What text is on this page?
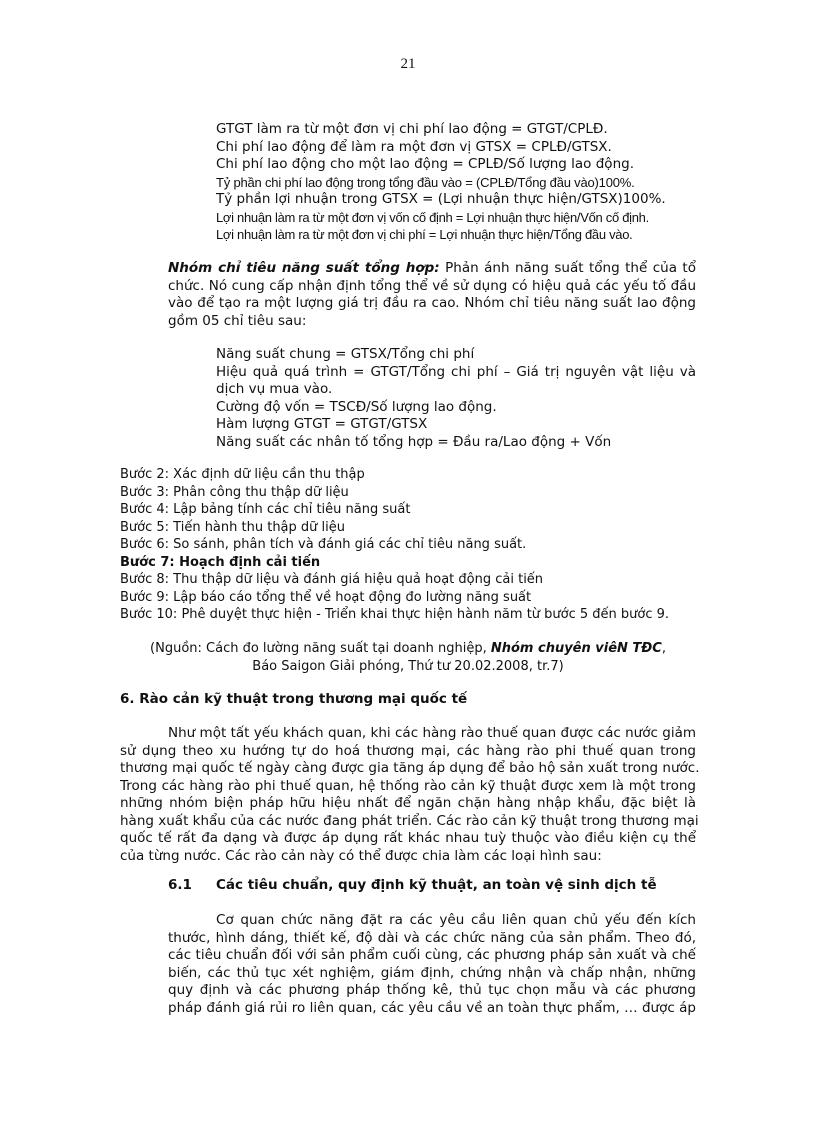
21
GTGT làm ra từ một đơn vị chi phí lao động = GTGT/CPLĐ.
Chi phí lao động để làm ra một đơn vị GTSX = CPLĐ/GTSX.
Chi phí lao động cho một lao động = CPLĐ/Số lượng lao động.
Tỷ phần chi phí lao động trong tổng đầu vào = (CPLĐ/Tổng đầu vào)100%.
Tỷ phần lợi nhuận trong GTSX = (Lợi nhuận thực hiện/GTSX)100%.
Lợi nhuận làm ra từ một đơn vị vốn cố định = Lợi nhuận thực hiện/Vốn cố định.
Lợi nhuận làm ra từ một đơn vị chi phí = Lợi nhuận thực hiện/Tổng đầu vào.
Nhóm chỉ tiêu năng suất tổng hợp: Phản ánh năng suất tổng thể của tổ
chức. Nó cung cấp nhận định tổng thể về sử dụng có hiệu quả các yếu tố đầu
vào để tạo ra một lượng giá trị đầu ra cao. Nhóm chỉ tiêu năng suất lao động
gồm 05 chỉ tiêu sau:
Năng suất chung = GTSX/Tổng chi phí
Hiệu quả quá trình = GTGT/Tổng chi phí – Giá trị nguyên vật liệu và
dịch vụ mua vào.
Cường độ vốn = TSCĐ/Số lượng lao động.
Hàm lượng GTGT = GTGT/GTSX
Năng suất các nhân tố tổng hợp = Đầu ra/Lao động + Vốn
Bước 2: Xác định dữ liệu cần thu thập
Bước 3: Phân công thu thập dữ liệu
Bước 4: Lập bảng tính các chỉ tiêu năng suất
Bước 5: Tiến hành thu thập dữ liệu
Bước 6: So sánh, phân tích và đánh giá các chỉ tiêu năng suất.
Bước 7: Hoạch định cải tiến
Bước 8: Thu thập dữ liệu và đánh giá hiệu quả hoạt động cải tiến
Bước 9: Lập báo cáo tổng thể về hoạt động đo lường năng suất
Bước 10: Phê duyệt thực hiện - Triển khai thực hiện hành năm từ bước 5 đến bước 9.
(Nguồn: Cách đo lường năng suất tại doanh nghiệp, Nhóm chuyên viêN TĐC,
Báo Saigon Giải phóng, Thứ tư 20.02.2008, tr.7)
6. Rào cản kỹ thuật trong thương mại quốc tế
Như một tất yếu khách quan, khi các hàng rào thuế quan được các nước giảm
sử dụng theo xu hướng tự do hoá thương mại, các hàng rào phi thuế quan trong
thương mại quốc tế ngày càng được gia tăng áp dụng để bảo hộ sản xuất trong nước.
Trong các hàng rào phi thuế quan, hệ thống rào cản kỹ thuật được xem là một trong
những nhóm biện pháp hữu hiệu nhất để ngăn chặn hàng nhập khẩu, đặc biệt là
hàng xuất khẩu của các nước đang phát triển. Các rào cản kỹ thuật trong thương mại
quốc tế rất đa dạng và được áp dụng rất khác nhau tuỳ thuộc vào điều kiện cụ thể
của từng nước. Các rào cản này có thể được chia làm các loại hình sau:
6.1 Các tiêu chuẩn, quy định kỹ thuật, an toàn vệ sinh dịch tễ
Cơ quan chức năng đặt ra các yêu cầu liên quan chủ yếu đến kích
thước, hình dáng, thiết kế, độ dài và các chức năng của sản phẩm. Theo đó,
các tiêu chuẩn đối với sản phẩm cuối cùng, các phương pháp sản xuất và chế
biến, các thủ tục xét nghiệm, giám định, chứng nhận và chấp nhận, những
quy định và các phương pháp thống kê, thủ tục chọn mẫu và các phương
pháp đánh giá rủi ro liên quan, các yêu cầu về an toàn thực phẩm, … được áp
